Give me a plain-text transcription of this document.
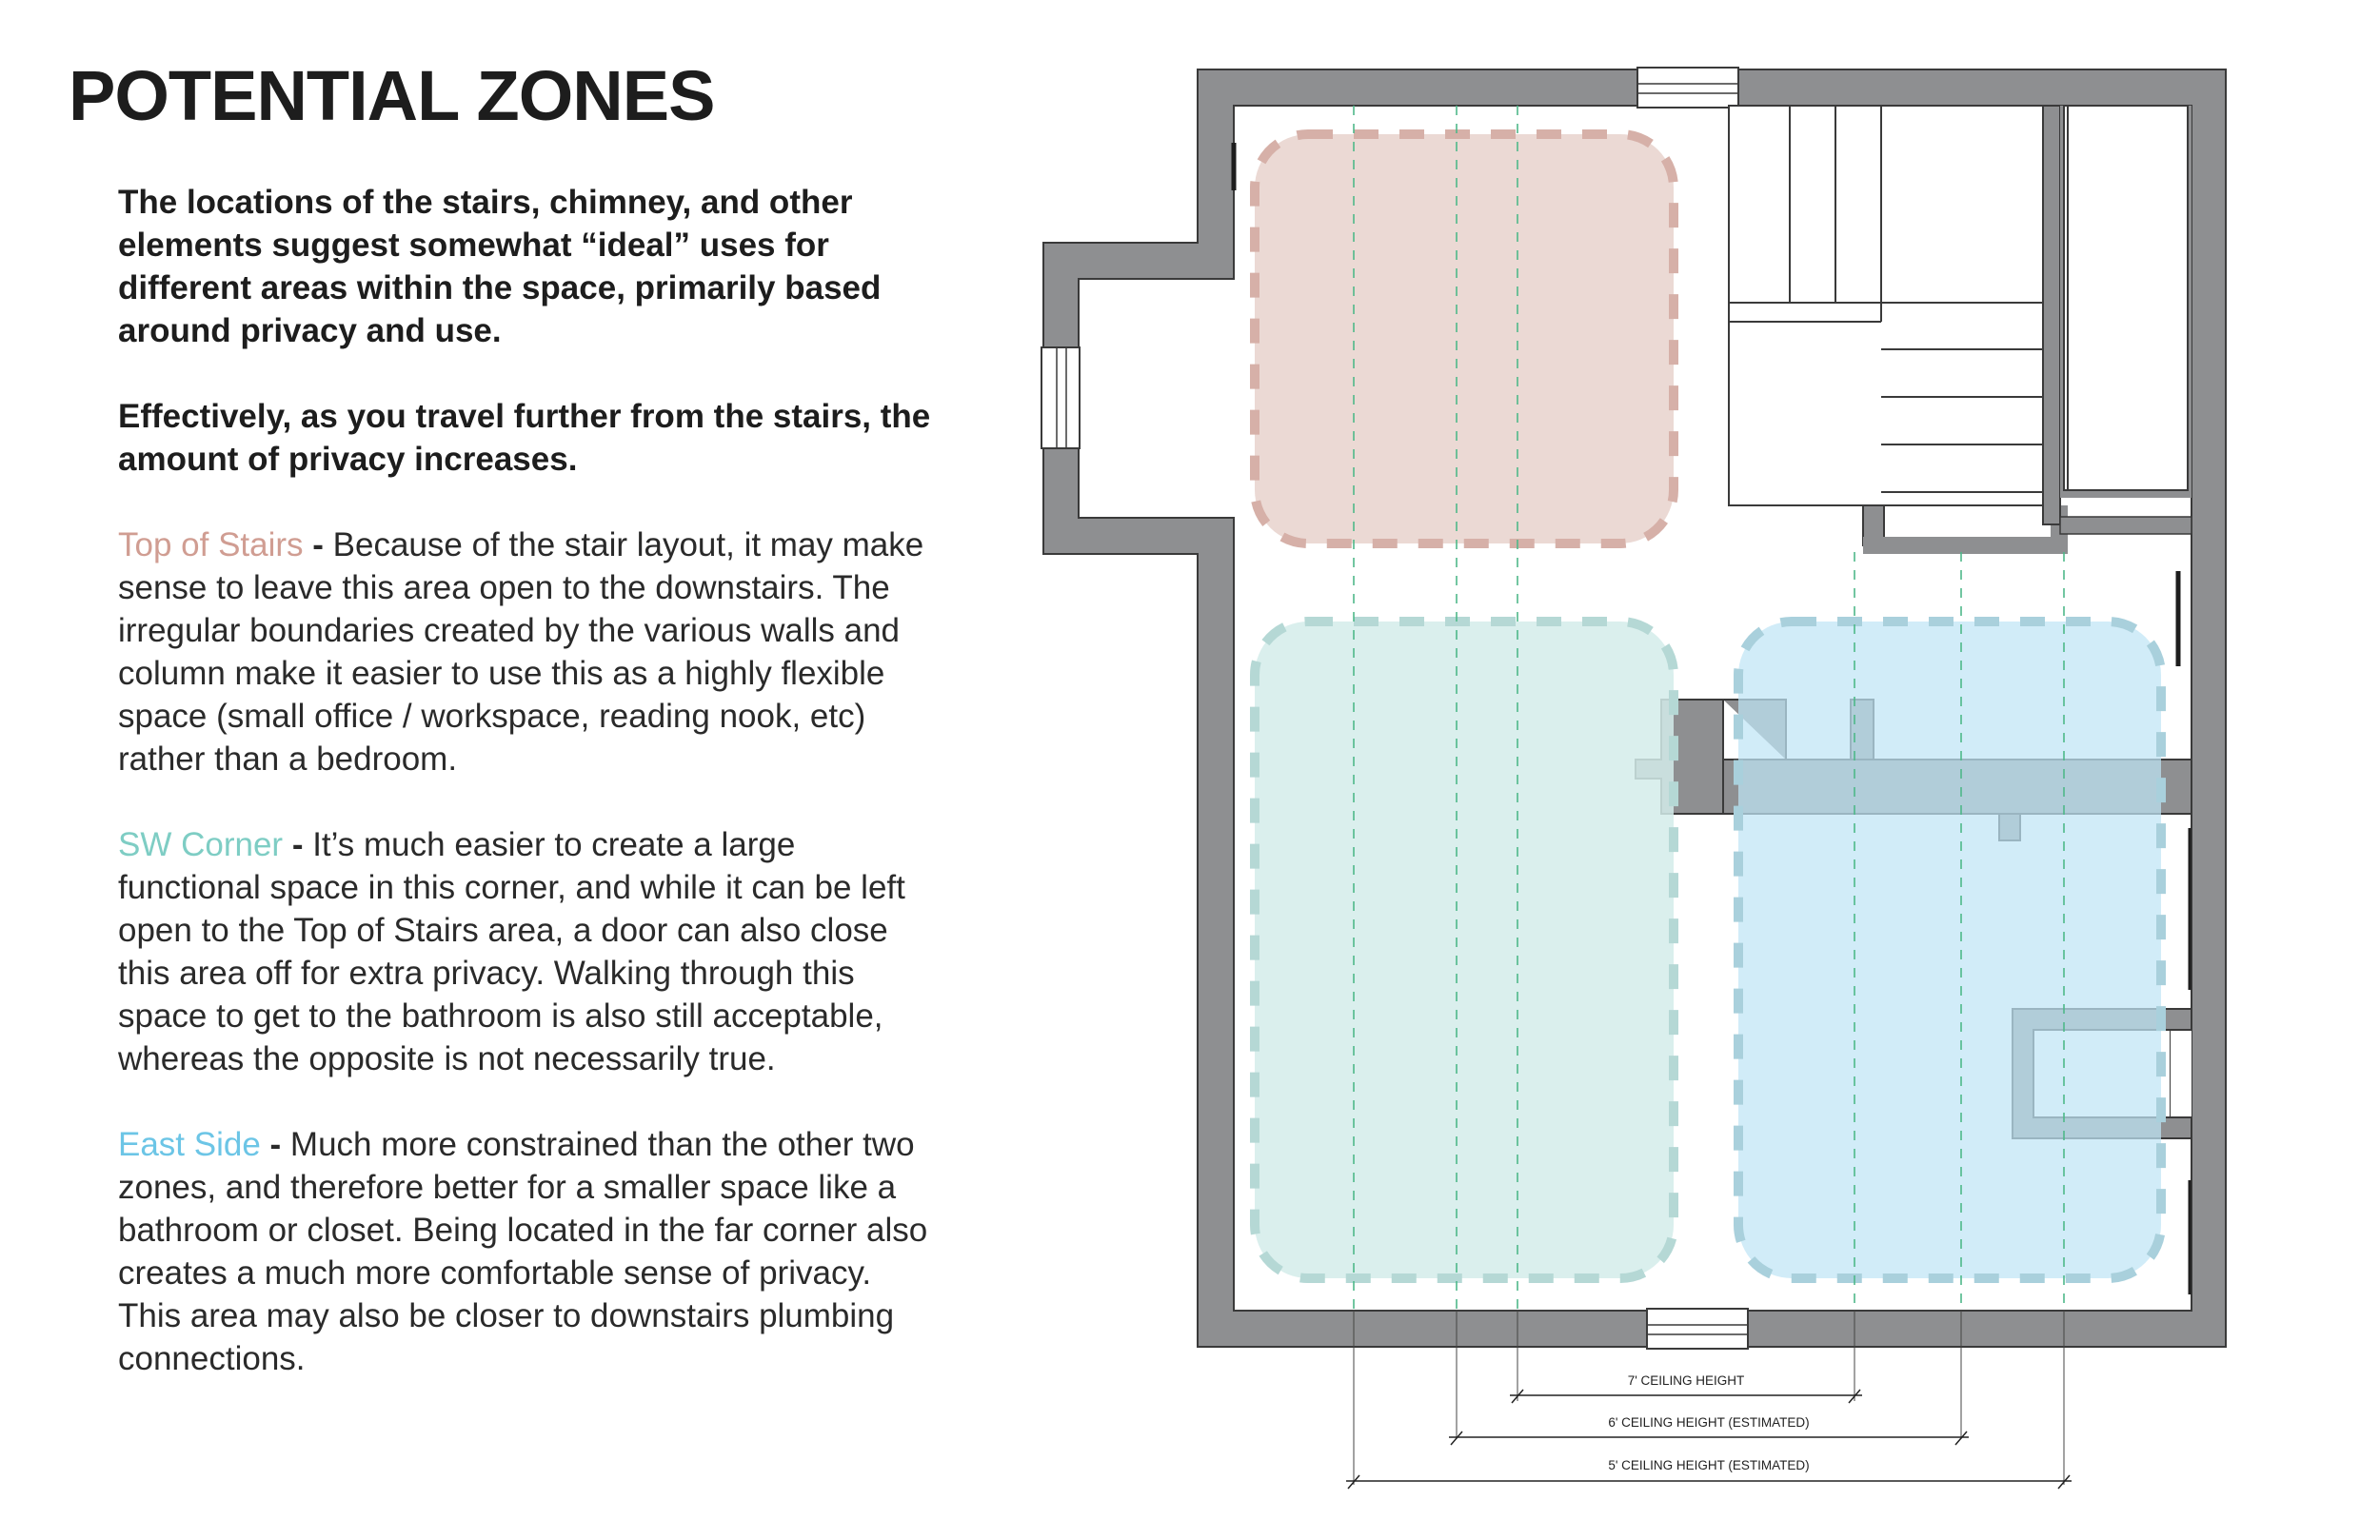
POTENTIAL ZONES

The locations of the stairs, chimney, and other elements suggest somewhat “ideal” uses for different areas within the space, primarily based around privacy and use.

Effectively, as you travel further from the stairs, the amount of privacy increases.

Top of Stairs - Because of the stair layout, it may make sense to leave this area open to the downstairs. The irregular boundaries created by the various walls and column make it easier to use this as a highly flexible space (small office / workspace, reading nook, etc) rather than a bedroom.

SW Corner - It’s much easier to create a large functional space in this corner, and while it can be left open to the Top of Stairs area, a door can also close this area off for extra privacy. Walking through this space to get to the bathroom is also still acceptable, whereas the opposite is not necessarily true.

East Side - Much more constrained than the other two zones, and therefore better for a smaller space like a bathroom or closet. Being located in the far corner also creates a much more comfortable sense of privacy. This area may also be closer to downstairs plumbing connections.

7' CEILING HEIGHT
6' CEILING HEIGHT (ESTIMATED)
5' CEILING HEIGHT (ESTIMATED)
